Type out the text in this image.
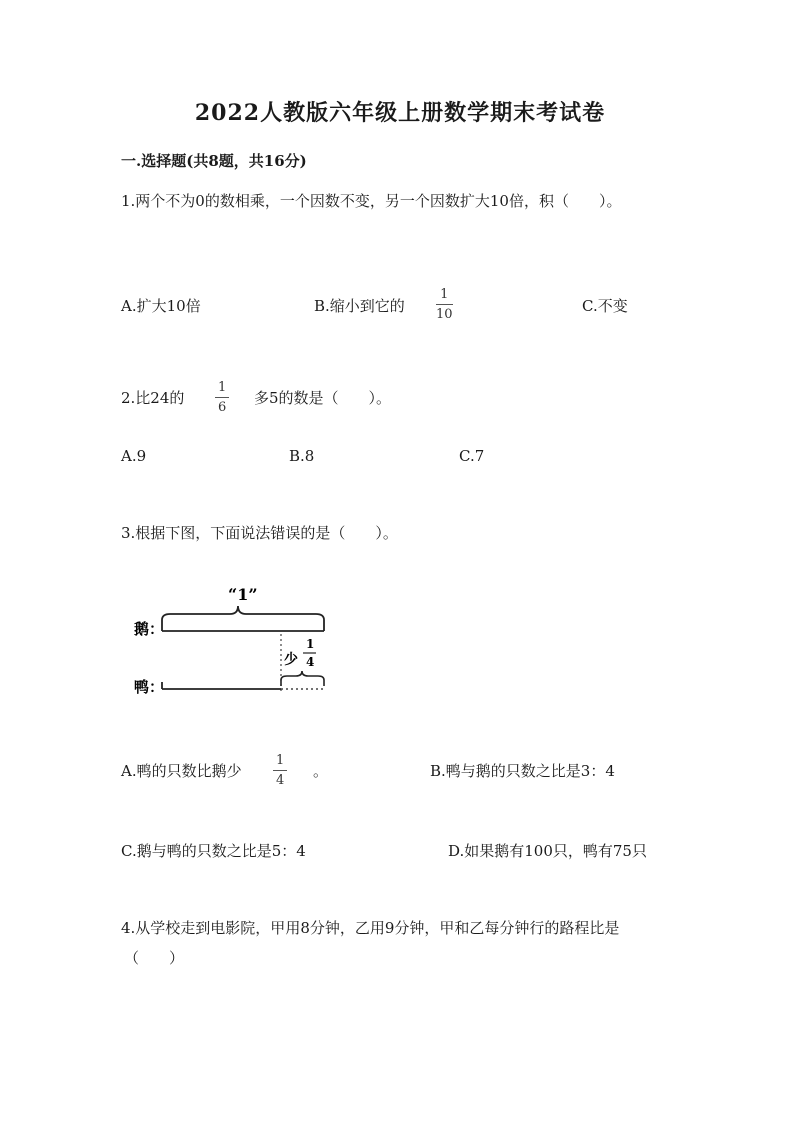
2022人教版六年级上册数学期末考试卷
一.选择题(共8题，共16分)
1.两个不为0的数相乘，一个因数不变，另一个因数扩大10倍，积（　　）。
A.扩大10倍	B.缩小到它的
1
10	C.不变
2.比24的
1
6
多5的数是（　　）。
A.9	B.8	C.7
3.根据下图，下面说法错误的是（　　）。
“1”
鹅：
少
1
4
鸭：
A.鸭的只数比鹅少
1
4
。	B.鸭与鹅的只数之比是3：4
C.鹅与鸭的只数之比是5：4	D.如果鹅有100只，鸭有75只
4.从学校走到电影院，甲用8分钟，乙用9分钟，甲和乙每分钟行的路程比是
（　　）
